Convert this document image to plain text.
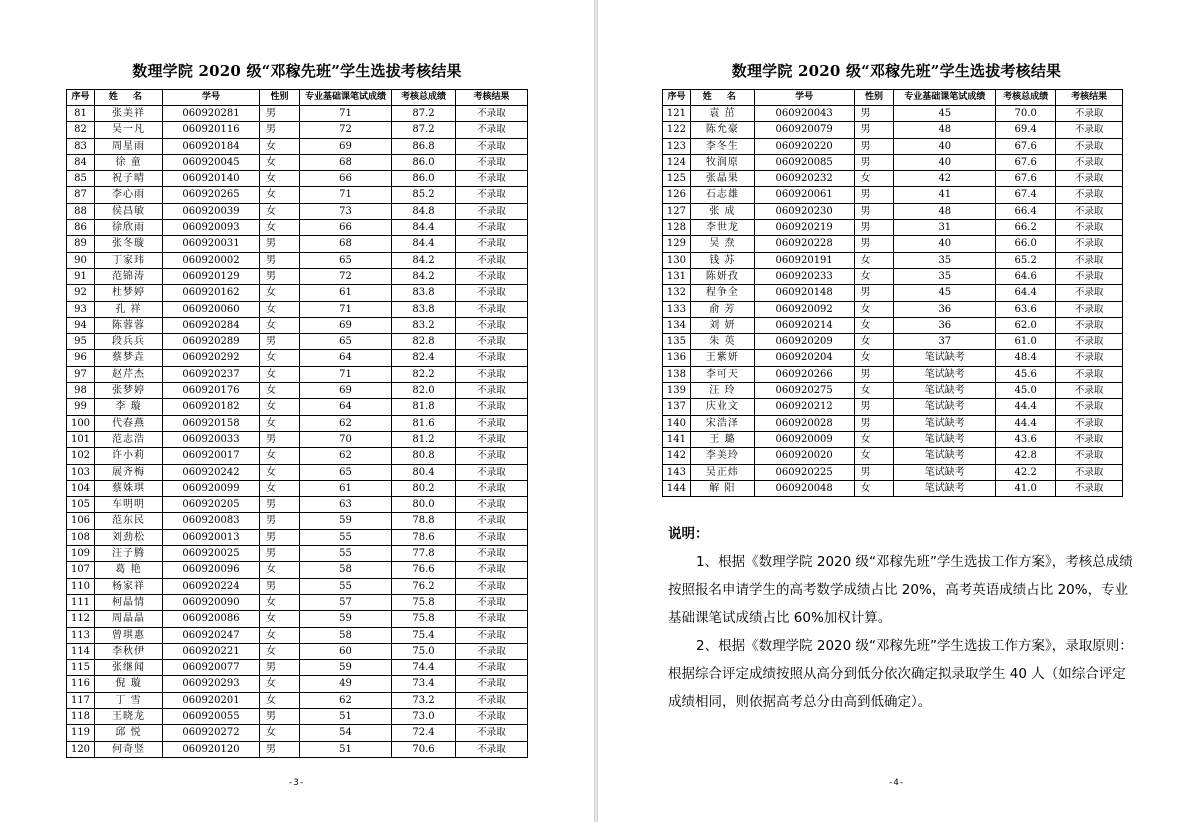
数理学院 2020 级“邓稼先班”学生选拔考核结果
序号	姓 名	学号	性别	专业基础课笔试成绩	考核总成绩	考核结果
81	张美祥	060920281	男	71	87.2	不录取
82	吴一凡	060920116	男	72	87.2	不录取
83	周星雨	060920184	女	69	86.8	不录取
84	徐 童	060920045	女	68	86.0	不录取
85	祝子晴	060920140	女	66	86.0	不录取
87	李心雨	060920265	女	71	85.2	不录取
88	侯昌敏	060920039	女	73	84.8	不录取
86	徐欣雨	060920093	女	66	84.4	不录取
89	张冬璇	060920031	男	68	84.4	不录取
90	丁家玮	060920002	男	65	84.2	不录取
91	范锦涛	060920129	男	72	84.2	不录取
92	杜梦婷	060920162	女	61	83.8	不录取
93	孔 祥	060920060	女	71	83.8	不录取
94	陈蓉蓉	060920284	女	69	83.2	不录取
95	段兵兵	060920289	男	65	82.8	不录取
96	蔡梦垚	060920292	女	64	82.4	不录取
97	赵芹杰	060920237	女	71	82.2	不录取
98	张梦婷	060920176	女	69	82.0	不录取
99	李 璇	060920182	女	64	81.8	不录取
100	代春燕	060920158	女	62	81.6	不录取
101	范志浩	060920033	男	70	81.2	不录取
102	许小莉	060920017	女	62	80.8	不录取
103	展齐梅	060920242	女	65	80.4	不录取
104	蔡姝琪	060920099	女	61	80.2	不录取
105	车明明	060920205	男	63	80.0	不录取
106	范东民	060920083	男	59	78.8	不录取
108	刘劲松	060920013	男	55	78.6	不录取
109	汪子腾	060920025	男	55	77.8	不录取
107	葛 艳	060920096	女	58	76.6	不录取
110	杨家祥	060920224	男	55	76.2	不录取
111	柯晶情	060920090	女	57	75.8	不录取
112	周晶晶	060920086	女	59	75.8	不录取
113	曾琪惠	060920247	女	58	75.4	不录取
114	李秋伊	060920221	女	60	75.0	不录取
115	张继闻	060920077	男	59	74.4	不录取
116	倪 璇	060920293	女	49	73.4	不录取
117	丁 雪	060920201	女	62	73.2	不录取
118	王晓龙	060920055	男	51	73.0	不录取
119	邱 悦	060920272	女	54	72.4	不录取
120	何奇竖	060920120	男	51	70.6	不录取
-3-
数理学院 2020 级“邓稼先班”学生选拔考核结果
序号	姓 名	学号	性别	专业基础课笔试成绩	考核总成绩	考核结果
121	袁 茁	060920043	男	45	70.0	不录取
122	陈允豪	060920079	男	48	69.4	不录取
123	李冬生	060920220	男	40	67.6	不录取
124	牧润原	060920085	男	40	67.6	不录取
125	张晶果	060920232	女	42	67.6	不录取
126	石志雄	060920061	男	41	67.4	不录取
127	张 成	060920230	男	48	66.4	不录取
128	李世龙	060920219	男	31	66.2	不录取
129	吴 焘	060920228	男	40	66.0	不录取
130	钱 苏	060920191	女	35	65.2	不录取
131	陈妍孜	060920233	女	35	64.6	不录取
132	程争全	060920148	男	45	64.4	不录取
133	俞 芳	060920092	女	36	63.6	不录取
134	刘 妍	060920214	女	36	62.0	不录取
135	朱 英	060920209	女	37	61.0	不录取
136	王紫妍	060920204	女	笔试缺考	48.4	不录取
138	李可天	060920266	男	笔试缺考	45.6	不录取
139	汪 玲	060920275	女	笔试缺考	45.0	不录取
137	庆业文	060920212	男	笔试缺考	44.4	不录取
140	宋浩泽	060920028	男	笔试缺考	44.4	不录取
141	王 璐	060920009	女	笔试缺考	43.6	不录取
142	李美玲	060920020	女	笔试缺考	42.8	不录取
143	吴正炜	060920225	男	笔试缺考	42.2	不录取
144	解 阳	060920048	女	笔试缺考	41.0	不录取

说明：

1、根据《数理学院 2020 级“邓稼先班”学生选拔工作方案》，考核总成绩按照报名申请学生的高考数学成绩占比 20%，高考英语成绩占比 20%，专业基础课笔试成绩占比 60%加权计算。

2、根据《数理学院 2020 级“邓稼先班”学生选拔工作方案》，录取原则：根据综合评定成绩按照从高分到低分依次确定拟录取学生 40 人（如综合评定成绩相同，则依据高考总分由高到低确定）。

-4-
